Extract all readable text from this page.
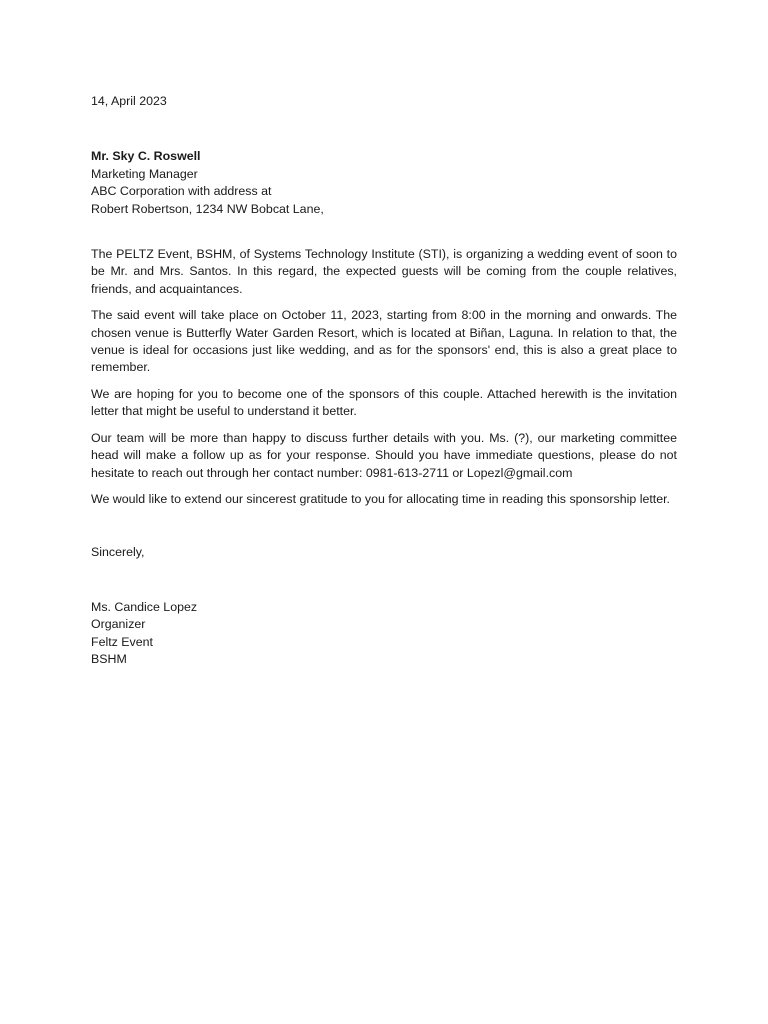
14, April 2023
Mr. Sky C. Roswell
Marketing Manager
ABC Corporation with address at
Robert Robertson, 1234 NW Bobcat Lane,

The PELTZ Event, BSHM, of Systems Technology Institute (STI), is organizing a wedding event of soon to be Mr. and Mrs. Santos. In this regard, the expected guests will be coming from the couple relatives, friends, and acquaintances.

The said event will take place on October 11, 2023, starting from 8:00 in the morning and onwards. The chosen venue is Butterfly Water Garden Resort, which is located at Biñan, Laguna. In relation to that, the venue is ideal for occasions just like wedding, and as for the sponsors' end, this is also a great place to remember.

We are hoping for you to become one of the sponsors of this couple. Attached herewith is the invitation letter that might be useful to understand it better.

Our team will be more than happy to discuss further details with you. Ms. (?), our marketing committee head will make a follow up as for your response. Should you have immediate questions, please do not hesitate to reach out through her contact number: 0981-613-2711 or Lopezl@gmail.com

We would like to extend our sincerest gratitude to you for allocating time in reading this sponsorship letter.

Sincerely,
Ms. Candice Lopez
Organizer
Feltz Event
BSHM
